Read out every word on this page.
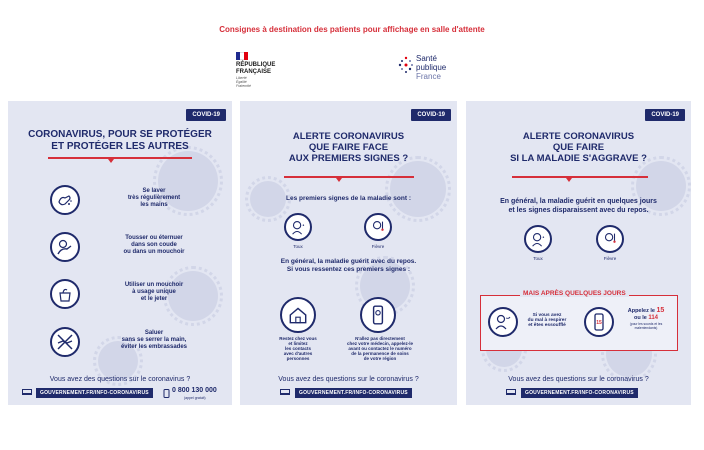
Consignes à destination des patients pour affichage en salle d'attente
RÉPUBLIQUE
FRANÇAISE
Liberté
Égalité
Fraternité
Santé
publique
France
COVID-19
CORONAVIRUS, POUR SE PROTÉGER
ET PROTÉGER LES AUTRES
Se laver
très régulièrement
les mains
Tousser ou éternuer
dans son coude
ou dans un mouchoir
Utiliser un mouchoir
à usage unique
et le jeter
Saluer
sans se serrer la main,
éviter les embrassades
Vous avez des questions sur le coronavirus ?
GOUVERNEMENT.FR/INFO-CORONAVIRUS	0 800 130 000
(appel gratuit)
COVID-19
ALERTE CORONAVIRUS
QUE FAIRE FACE
AUX PREMIERS SIGNES ?
Les premiers signes de la maladie sont :
Toux	Fièvre
En général, la maladie guérit avec du repos.
Si vous ressentez ces premiers signes :
Restez chez vous
et limitez
les contacts
avec d'autres
personnes
N'allez pas directement
chez votre médecin, appelez-le
avant ou contactez le numéro
de la permanence de soins
de votre région
Vous avez des questions sur le coronavirus ?
GOUVERNEMENT.FR/INFO-CORONAVIRUS
COVID-19
ALERTE CORONAVIRUS
QUE FAIRE
SI LA MALADIE S'AGGRAVE ?
En général, la maladie guérit en quelques jours
et les signes disparaissent avec du repos.
Toux	Fièvre
MAIS APRÈS QUELQUES JOURS
Si vous avez
du mal à respirer
et êtes essoufflé	15
Appelez le 15
ou le 114
(pour les sourds et les malentendants)
Vous avez des questions sur le coronavirus ?
GOUVERNEMENT.FR/INFO-CORONAVIRUS
